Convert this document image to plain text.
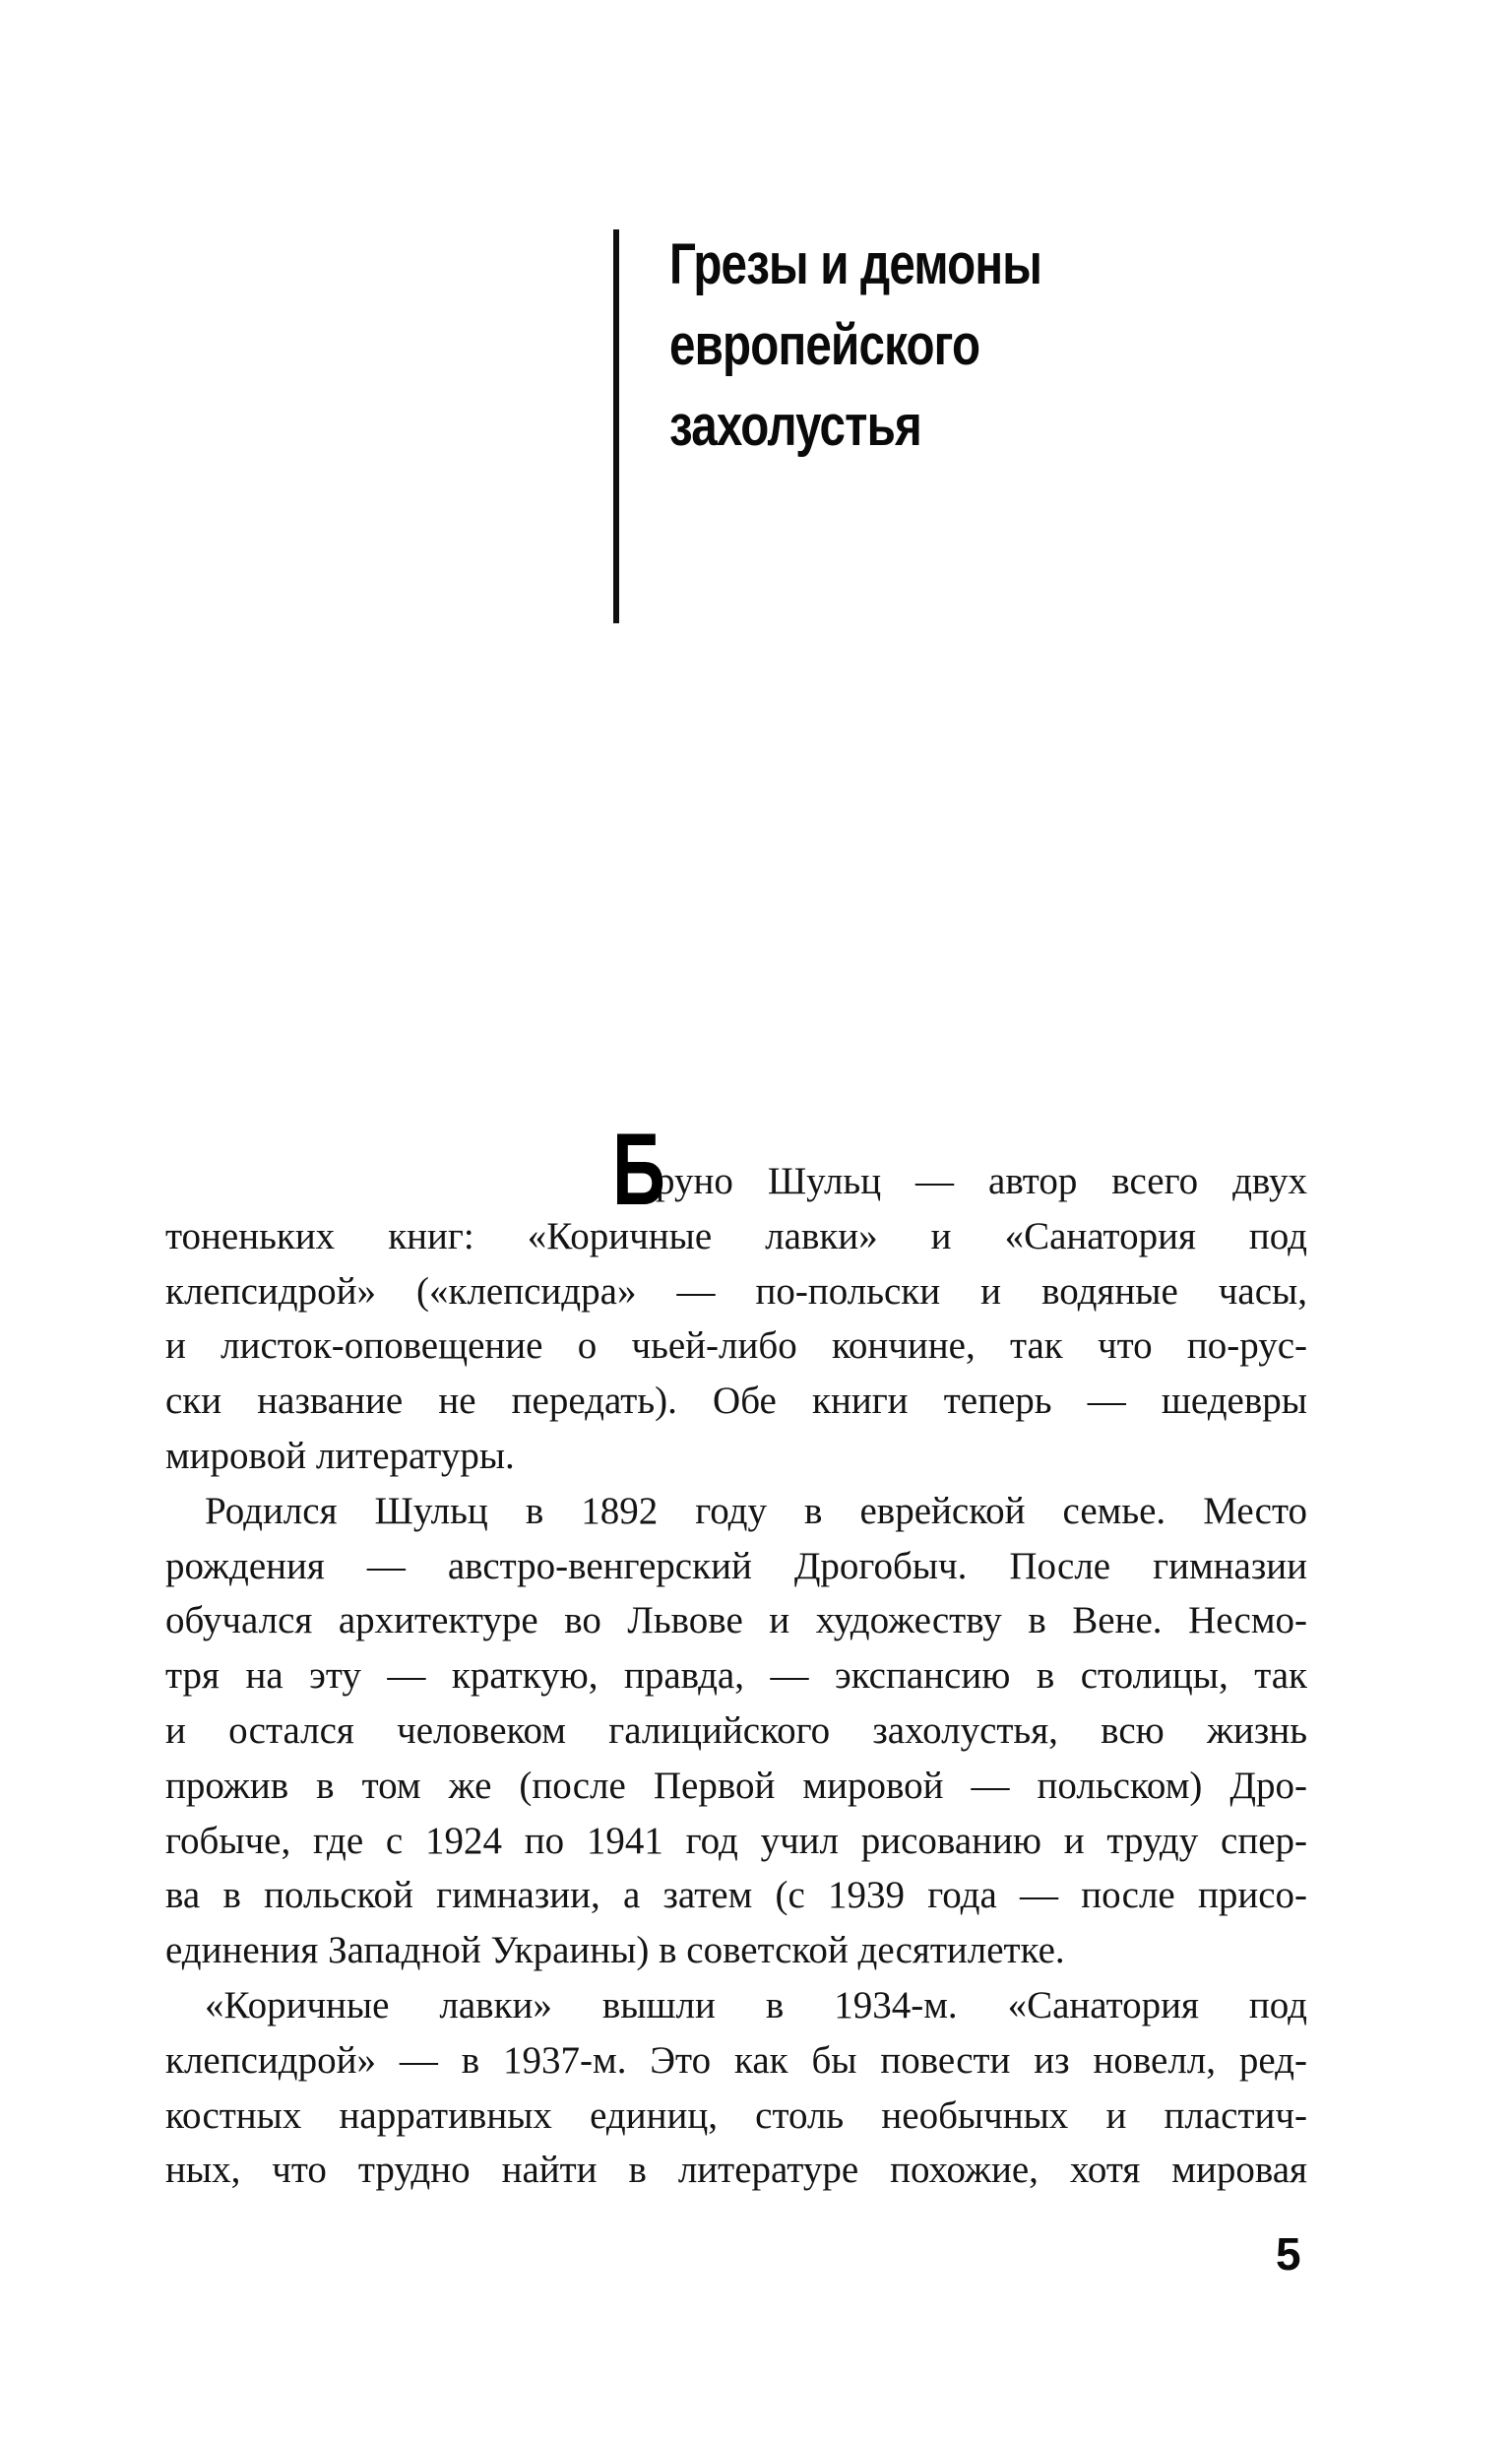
Грезы и демоны
европейского
захолустья
Б
руно Шульц — автор всего двух
тоненьких книг: «Коричные лавки» и «Санатория под
клепсидрой» («клепсидра» — по-польски и водяные часы,
и листок-оповещение о чьей-либо кончине, так что по-рус-
ски название не передать). Обе книги теперь — шедевры
мировой литературы.
Родился Шульц в 1892 году в еврейской семье. Место
рождения — австро-венгерский Дрогобыч. После гимназии
обучался архитектуре во Львове и художеству в Вене. Несмо-
тря на эту — краткую, правда, — экспансию в столицы, так
и остался человеком галицийского захолустья, всю жизнь
прожив в том же (после Первой мировой — польском) Дро-
гобыче, где с 1924 по 1941 год учил рисованию и труду спер-
ва в польской гимназии, а затем (с 1939 года — после присо-
единения Западной Украины) в советской десятилетке.
«Коричные лавки» вышли в 1934-м. «Санатория под
клепсидрой» — в 1937-м. Это как бы повести из новелл, ред-
костных нарративных единиц, столь необычных и пластич-
ных, что трудно найти в литературе похожие, хотя мировая
5
